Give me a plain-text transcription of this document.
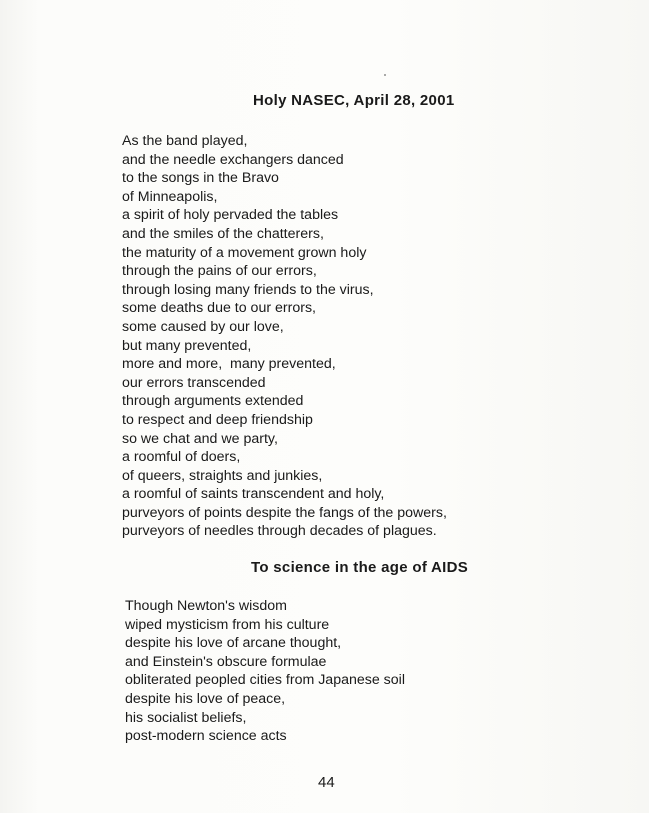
Holy NASEC, April 28, 2001
As the band played,
and the needle exchangers danced
to the songs in the Bravo
of Minneapolis,
a spirit of holy pervaded the tables
and the smiles of the chatterers,
the maturity of a movement grown holy
through the pains of our errors,
through losing many friends to the virus,
some deaths due to our errors,
some caused by our love,
but many prevented,
more and more,  many prevented,
our errors transcended
through arguments extended
to respect and deep friendship
so we chat and we party,
a roomful of doers,
of queers, straights and junkies,
a roomful of saints transcendent and holy,
purveyors of points despite the fangs of the powers,
purveyors of needles through decades of plagues.
To science in the age of AIDS
Though Newton's wisdom
wiped mysticism from his culture
despite his love of arcane thought,
and Einstein's obscure formulae
obliterated peopled cities from Japanese soil
despite his love of peace,
his socialist beliefs,
post-modern science acts
44
